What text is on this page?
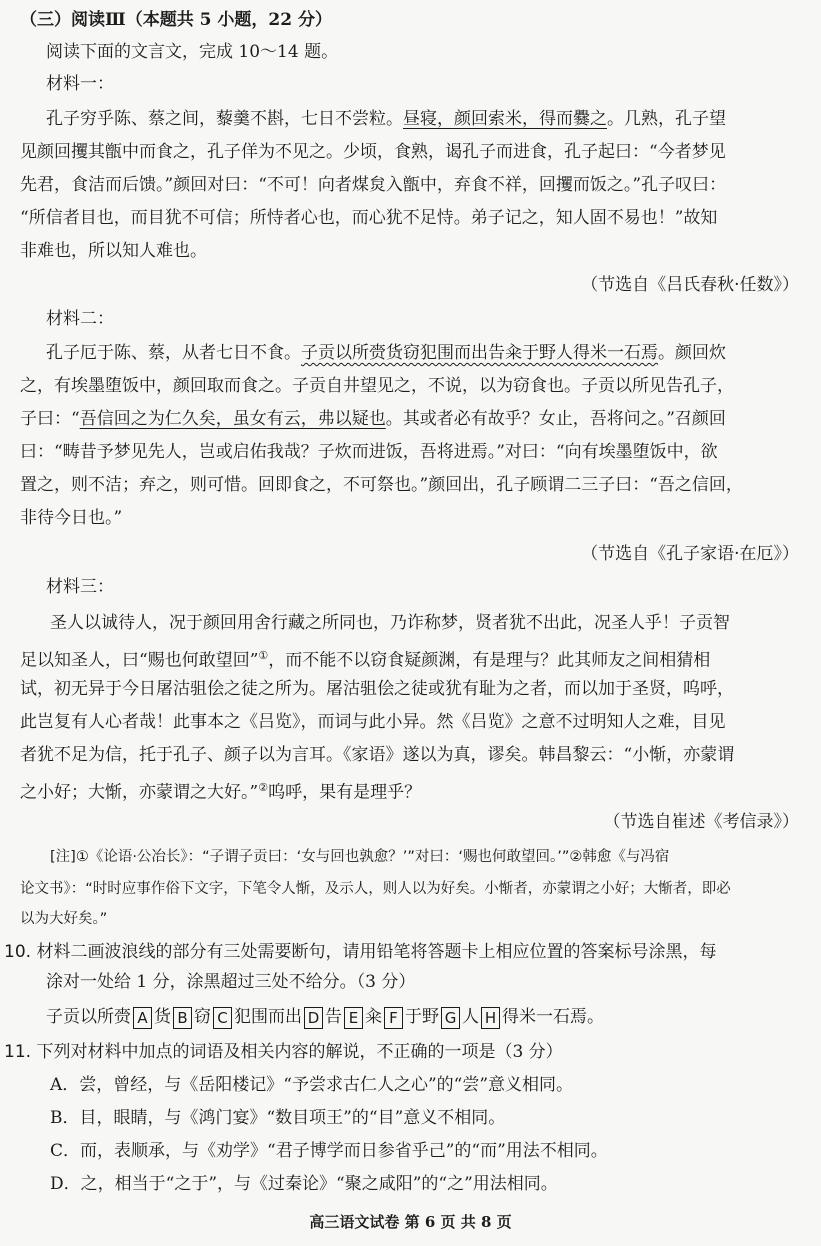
（三）阅读Ⅲ（本题共 5 小题，22 分）
阅读下面的文言文，完成 10～14 题。
材料一：
孔子穷乎陈、蔡之间，藜羹不斟，七日不尝粒。昼寝，颜回索米，得而爨之。几熟，孔子望
见颜回攫其甑中而食之，孔子佯为不见之。少顷，食熟，谒孔子而进食，孔子起曰：“今者梦见
先君，食洁而后馈。”颜回对曰：“不可！向者煤炱入甑中，弃食不祥，回攫而饭之。”孔子叹曰：
“所信者目也，而目犹不可信；所恃者心也，而心犹不足恃。弟子记之，知人固不易也！”故知
非难也，所以知人难也。
（节选自《吕氏春秋·任数》）
材料二：
孔子厄于陈、蔡，从者七日不食。子贡以所赍货窃犯围而出告籴于野人得米一石焉。颜回炊
之，有埃墨堕饭中，颜回取而食之。子贡自井望见之，不说，以为窃食也。子贡以所见告孔子，
子曰：“吾信回之为仁久矣，虽女有云，弗以疑也。其或者必有故乎？女止，吾将问之。”召颜回
曰：“畴昔予梦见先人，岂或启佑我哉？子炊而进饭，吾将进焉。”对曰：“向有埃墨堕饭中，欲
置之，则不洁；弃之，则可惜。回即食之，不可祭也。”颜回出，孔子顾谓二三子曰：“吾之信回，
非待今日也。”
（节选自《孔子家语·在厄》）
材料三：
圣人以诚待人，况于颜回用舍行藏之所同也，乃诈称梦，贤者犹不出此，况圣人乎！子贡智
足以知圣人，曰“赐也何敢望回”①，而不能不以窃食疑颜渊，有是理与？此其师友之间相猜相
试，初无异于今日屠沽驵侩之徒之所为。屠沽驵侩之徒或犹有耻为之者，而以加于圣贤，呜呼，
此岂复有人心者哉！此事本之《吕览》，而词与此小异。然《吕览》之意不过明知人之难，目见
者犹不足为信，托于孔子、颜子以为言耳。《家语》遂以为真，谬矣。韩昌黎云：“小惭，亦蒙谓
之小好；大惭，亦蒙谓之大好。”②呜呼，果有是理乎？
（节选自崔述《考信录》）
[注]①《论语·公冶长》：“子谓子贡曰：‘女与回也孰愈？’”对曰：‘赐也何敢望回。’”②韩愈《与冯宿
论文书》：“时时应事作俗下文字，下笔令人惭，及示人，则人以为好矣。小惭者，亦蒙谓之小好；大惭者，即必
以为大好矣。”
10. 材料二画波浪线的部分有三处需要断句，请用铅笔将答题卡上相应位置的答案标号涂黑，每
涂对一处给 1 分，涂黑超过三处不给分。（3 分）
子贡以所赍 A 货 B 窃 C 犯围而出 D 告 E 籴 F 于野 G 人 H 得米一石焉。
11. 下列对材料中加点的词语及相关内容的解说，不正确的一项是（3 分）
A．尝，曾经，与《岳阳楼记》“予尝求古仁人之心”的“尝”意义相同。
B．目，眼睛，与《鸿门宴》“数目项王”的“目”意义不相同。
C．而，表顺承，与《劝学》“君子博学而日参省乎己”的“而”用法不相同。
D．之，相当于“之于”，与《过秦论》“聚之咸阳”的“之”用法相同。
高三语文试卷 第 6 页 共 8 页
